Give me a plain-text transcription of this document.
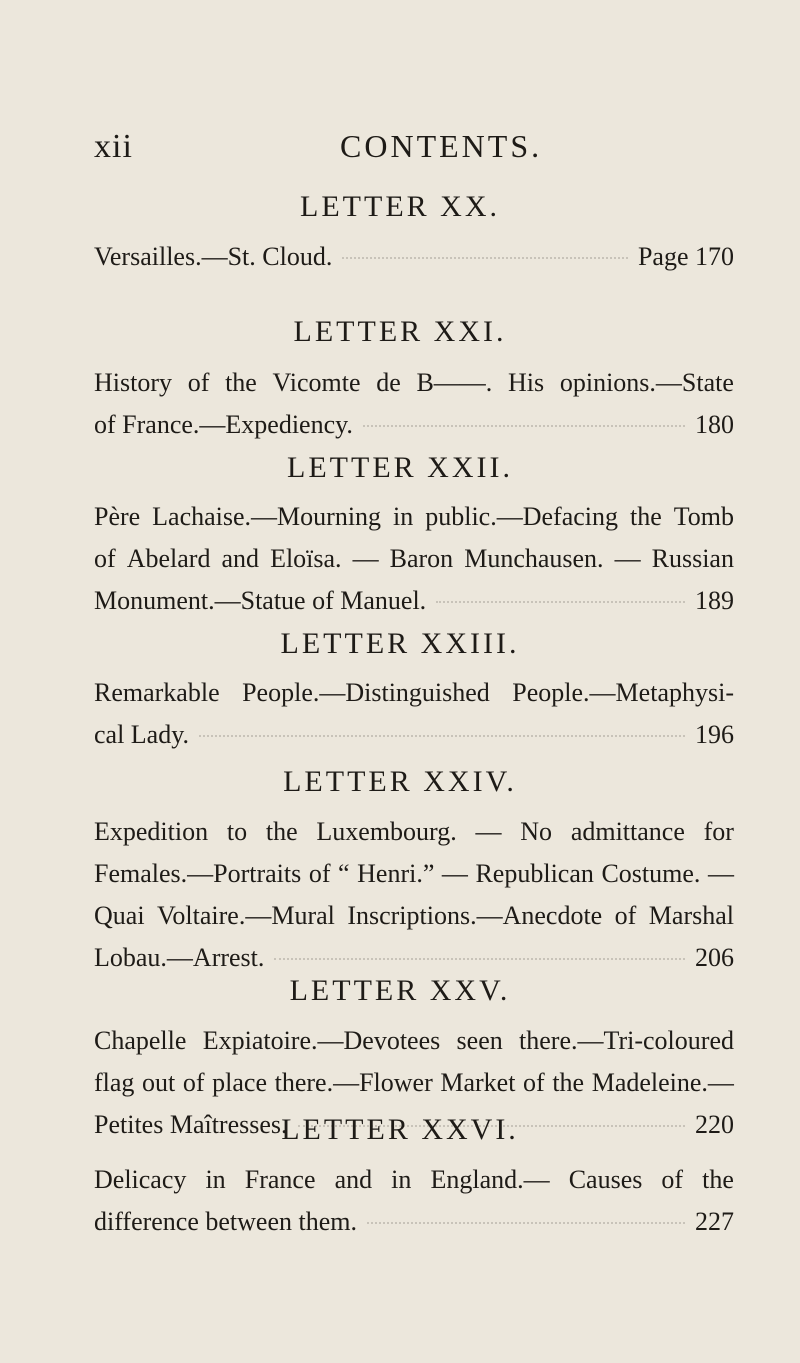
xii	CONTENTS.
LETTER XX.
Versailles.—St. Cloud.	Page 170
LETTER XXI.
History of the Vicomte de B——. His opinions.—State
of France.—Expediency.	180
LETTER XXII.
Père Lachaise.—Mourning in public.—Defacing the Tomb
of Abelard and Eloïsa. — Baron Munchausen. — Russian
Monument.—Statue of Manuel.	189
LETTER XXIII.
Remarkable People.—Distinguished People.—Metaphysi-
cal Lady.	196
LETTER XXIV.
Expedition to the Luxembourg. — No admittance for
Females.—Portraits of “ Henri.” — Republican Costume. —
Quai Voltaire.—Mural Inscriptions.—Anecdote of Marshal
Lobau.—Arrest.	206
LETTER XXV.
Chapelle Expiatoire.—Devotees seen there.—Tri-coloured
flag out of place there.—Flower Market of the Madeleine.—
Petites Maîtresses.	220
LETTER XXVI.
Delicacy in France and in England.— Causes of the
difference between them.	227
